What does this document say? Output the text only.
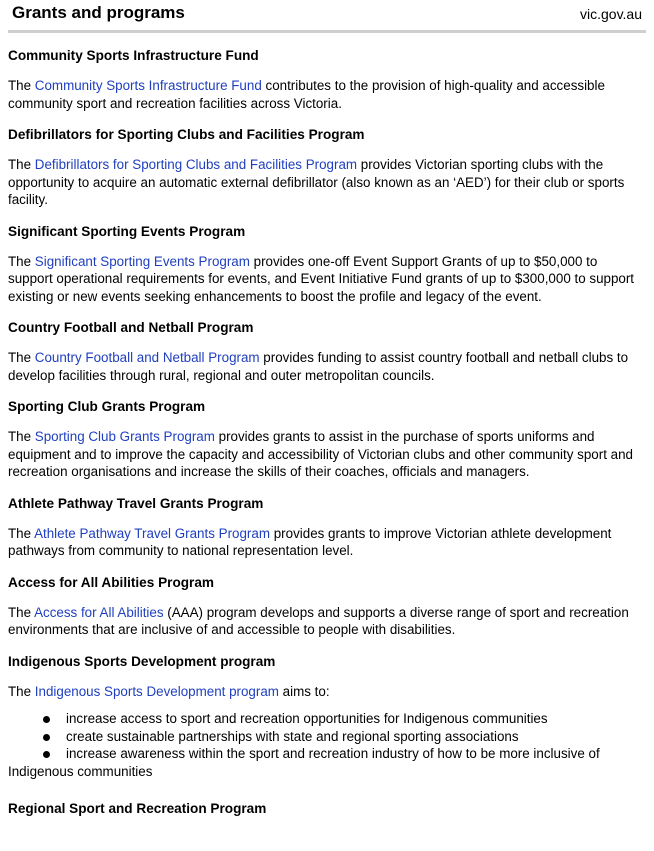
Grants and programs	vic.gov.au
Community Sports Infrastructure Fund

The Community Sports Infrastructure Fund contributes to the provision of high-quality and accessible community sport and recreation facilities across Victoria.

Defibrillators for Sporting Clubs and Facilities Program

The Defibrillators for Sporting Clubs and Facilities Program provides Victorian sporting clubs with the opportunity to acquire an automatic external defibrillator (also known as an ‘AED’) for their club or sports facility.

Significant Sporting Events Program

The Significant Sporting Events Program provides one-off Event Support Grants of up to $50,000 to support operational requirements for events, and Event Initiative Fund grants of up to $300,000 to support existing or new events seeking enhancements to boost the profile and legacy of the event.

Country Football and Netball Program

The Country Football and Netball Program provides funding to assist country football and netball clubs to develop facilities through rural, regional and outer metropolitan councils.

Sporting Club Grants Program

The Sporting Club Grants Program provides grants to assist in the purchase of sports uniforms and equipment and to improve the capacity and accessibility of Victorian clubs and other community sport and recreation organisations and increase the skills of their coaches, officials and managers.

Athlete Pathway Travel Grants Program

The Athlete Pathway Travel Grants Program provides grants to improve Victorian athlete development pathways from community to national representation level.

Access for All Abilities Program

The Access for All Abilities (AAA) program develops and supports a diverse range of sport and recreation environments that are inclusive of and accessible to people with disabilities.

Indigenous Sports Development program

The Indigenous Sports Development program aims to:

increase access to sport and recreation opportunities for Indigenous communities
create sustainable partnerships with state and regional sporting associations
increase awareness within the sport and recreation industry of how to be more inclusive of
Indigenous communities
Regional Sport and Recreation Program
